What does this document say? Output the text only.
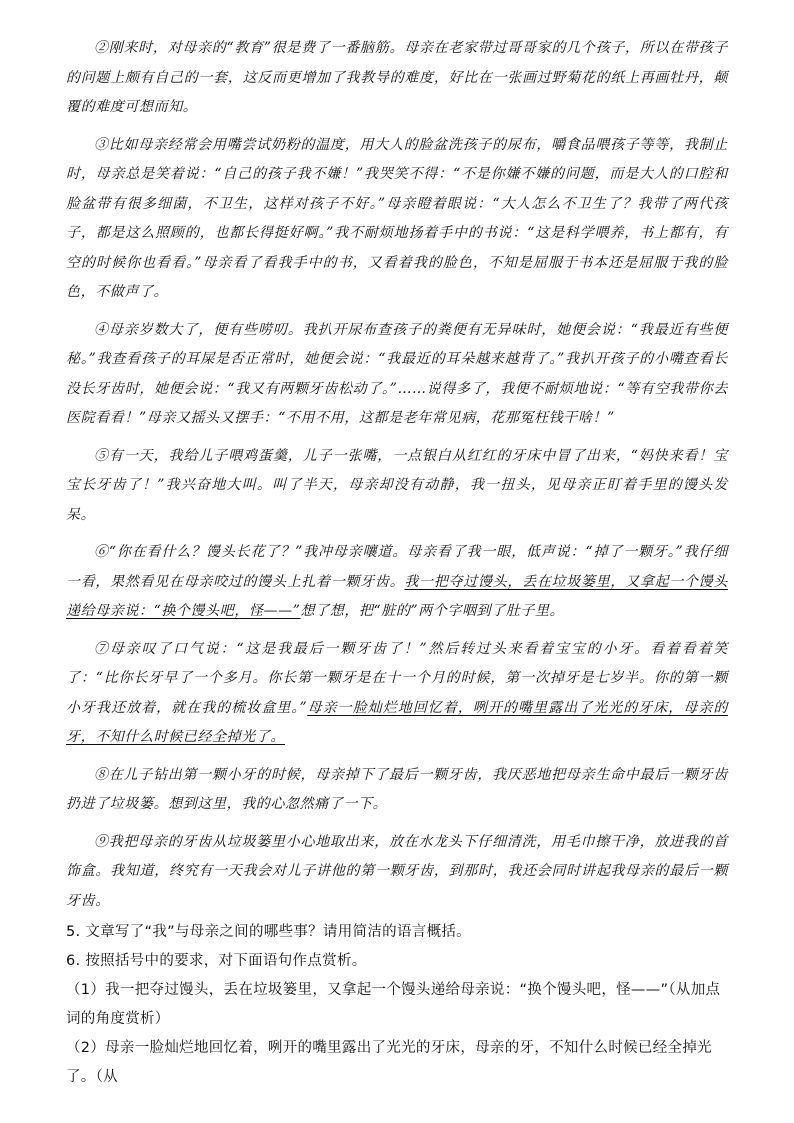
②刚来时，对母亲的“教育”很是费了一番脑筋。母亲在老家带过哥哥家的几个孩子，所以在带孩子的问题上颇有自己的一套，这反而更增加了我教导的难度，好比在一张画过野菊花的纸上再画牡丹，颠覆的难度可想而知。

③比如母亲经常会用嘴尝试奶粉的温度，用大人的脸盆洗孩子的尿布，嚼食品喂孩子等等，我制止时，母亲总是笑着说：“自己的孩子我不嫌！”我哭笑不得：“不是你嫌不嫌的问题，而是大人的口腔和脸盆带有很多细菌，不卫生，这样对孩子不好。”母亲瞪着眼说：“大人怎么不卫生了？我带了两代孩子，都是这么照顾的，也都长得挺好啊。”我不耐烦地扬着手中的书说：“这是科学喂养，书上都有，有空的时候你也看看。”母亲看了看我手中的书，又看着我的脸色，不知是屈服于书本还是屈服于我的脸色，不做声了。

④母亲岁数大了，便有些唠叨。我扒开尿布查孩子的粪便有无异味时，她便会说：“我最近有些便秘。”我查看孩子的耳屎是否正常时，她便会说：“我最近的耳朵越来越背了。”我扒开孩子的小嘴查看长没长牙齿时，她便会说：“我又有两颗牙齿松动了。”……说得多了，我便不耐烦地说：“等有空我带你去医院看看！”母亲又摇头又摆手：“不用不用，这都是老年常见病，花那冤枉钱干啥！”

⑤有一天，我给儿子喂鸡蛋羹，儿子一张嘴，一点银白从红红的牙床中冒了出来，“妈快来看！宝宝长牙齿了！”我兴奋地大叫。叫了半天，母亲却没有动静，我一扭头，见母亲正盯着手里的馒头发呆。

⑥“你在看什么？馒头长花了？”我冲母亲嚷道。母亲看了我一眼，低声说：“掉了一颗牙。”我仔细一看，果然看见在母亲咬过的馒头上扎着一颗牙齿。我一把夺过馒头，丢在垃圾篓里，又拿起一个馒头递给母亲说：“换个馒头吧，怪——”想了想，把“脏的”两个字咽到了肚子里。

⑦母亲叹了口气说：“这是我最后一颗牙齿了！”然后转过头来看着宝宝的小牙。看着看着笑了：“比你长牙早了一个多月。你长第一颗牙是在十一个月的时候，第一次掉牙是七岁半。你的第一颗小牙我还放着，就在我的梳妆盒里。”母亲一脸灿烂地回忆着，咧开的嘴里露出了光光的牙床，母亲的牙，不知什么时候已经全掉光了。

⑧在儿子钻出第一颗小牙的时候，母亲掉下了最后一颗牙齿，我厌恶地把母亲生命中最后一颗牙齿扔进了垃圾篓。想到这里，我的心忽然痛了一下。

⑨我把母亲的牙齿从垃圾篓里小心地取出来，放在水龙头下仔细清洗，用毛巾擦干净，放进我的首饰盒。我知道，终究有一天我会对儿子讲他的第一颗牙齿，到那时，我还会同时讲起我母亲的最后一颗牙齿。

5. 文章写了“我”与母亲之间的哪些事？请用简洁的语言概括。

6. 按照括号中的要求，对下面语句作点赏析。

（1）我一把夺过馒头，丢在垃圾篓里，又拿起一个馒头递给母亲说：“换个馒头吧，怪——”（从加点词的角度赏析）

（2）母亲一脸灿烂地回忆着，咧开的嘴里露出了光光的牙床，母亲的牙，不知什么时候已经全掉光了。（从
